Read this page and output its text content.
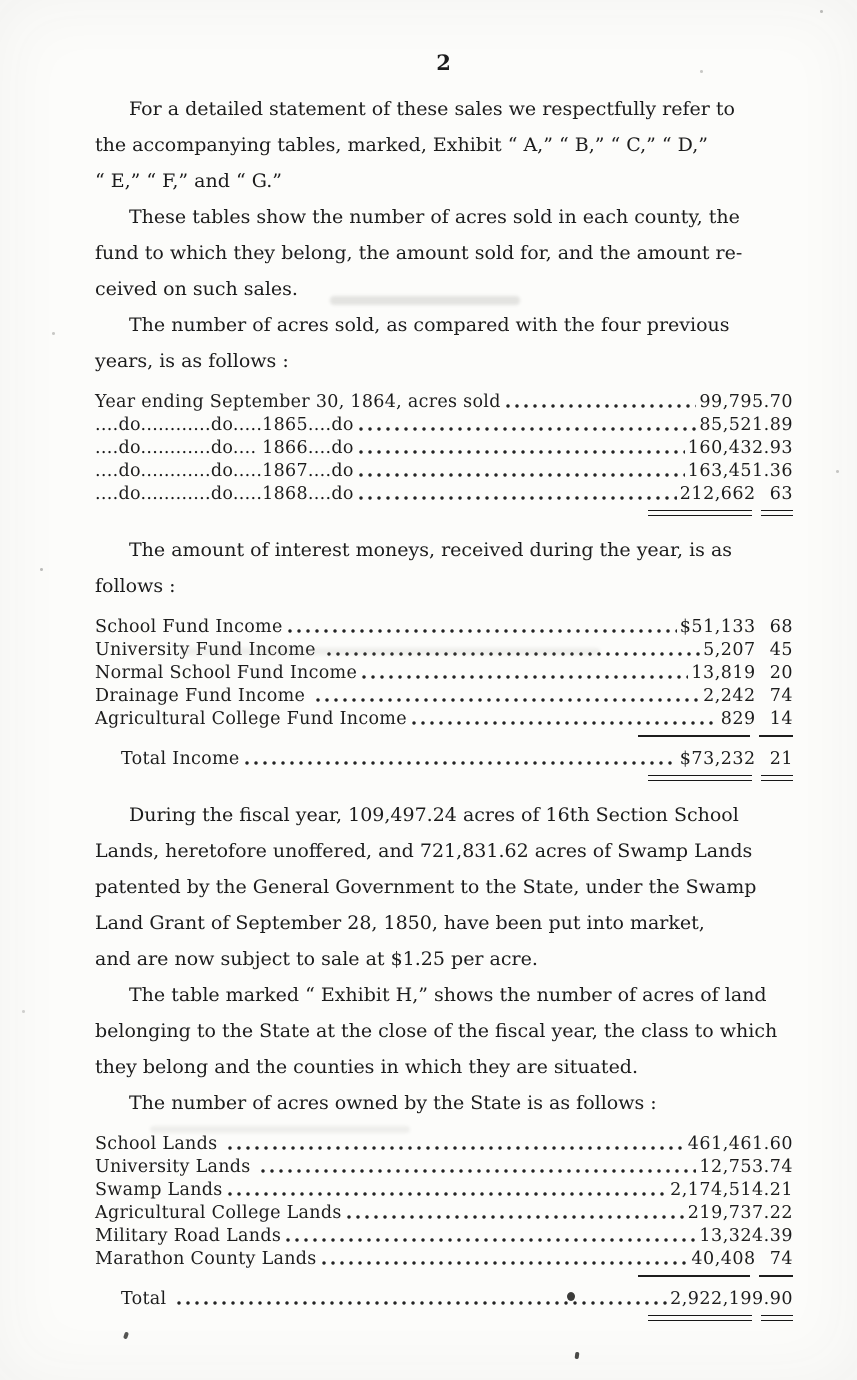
2
For a detailed statement of these sales we respectfully refer to
the accompanying tables, marked, Exhibit “ A,” “ B,” “ C,” “ D,”
“ E,” “ F,” and “ G.”
These tables show the number of acres sold in each county, the
fund to which they belong, the amount sold for, and the amount re-
ceived on such sales.
The number of acres sold, as compared with the four previous
years, is as follows :
Year ending September 30, 1864, acres sold	99,795.70
....do............do.....1865....do	85,521.89
....do............do.... 1866....do	160,432.93
....do............do.....1867....do	163,451.36
....do............do.....1868....do	212,662 63
The amount of interest moneys, received during the year, is as
follows :
School Fund Income	$51,133 68
University Fund Income	5,207 45
Normal School Fund Income	13,819 20
Drainage Fund Income	2,242 74
Agricultural College Fund Income	829 14
Total Income	$73,232 21
During the fiscal year, 109,497.24 acres of 16th Section School
Lands, heretofore unoffered, and 721,831.62 acres of Swamp Lands
patented by the General Government to the State, under the Swamp
Land Grant of September 28, 1850, have been put into market,
and are now subject to sale at $1.25 per acre.
The table marked “ Exhibit H,” shows the number of acres of land
belonging to the State at the close of the fiscal year, the class to which
they belong and the counties in which they are situated.
The number of acres owned by the State is as follows :
School Lands	461,461.60
University Lands	12,753.74
Swamp Lands	2,174,514.21
Agricultural College Lands	219,737.22
Military Road Lands	13,324.39
Marathon County Lands	40,408 74
Total	2,922,199.90
